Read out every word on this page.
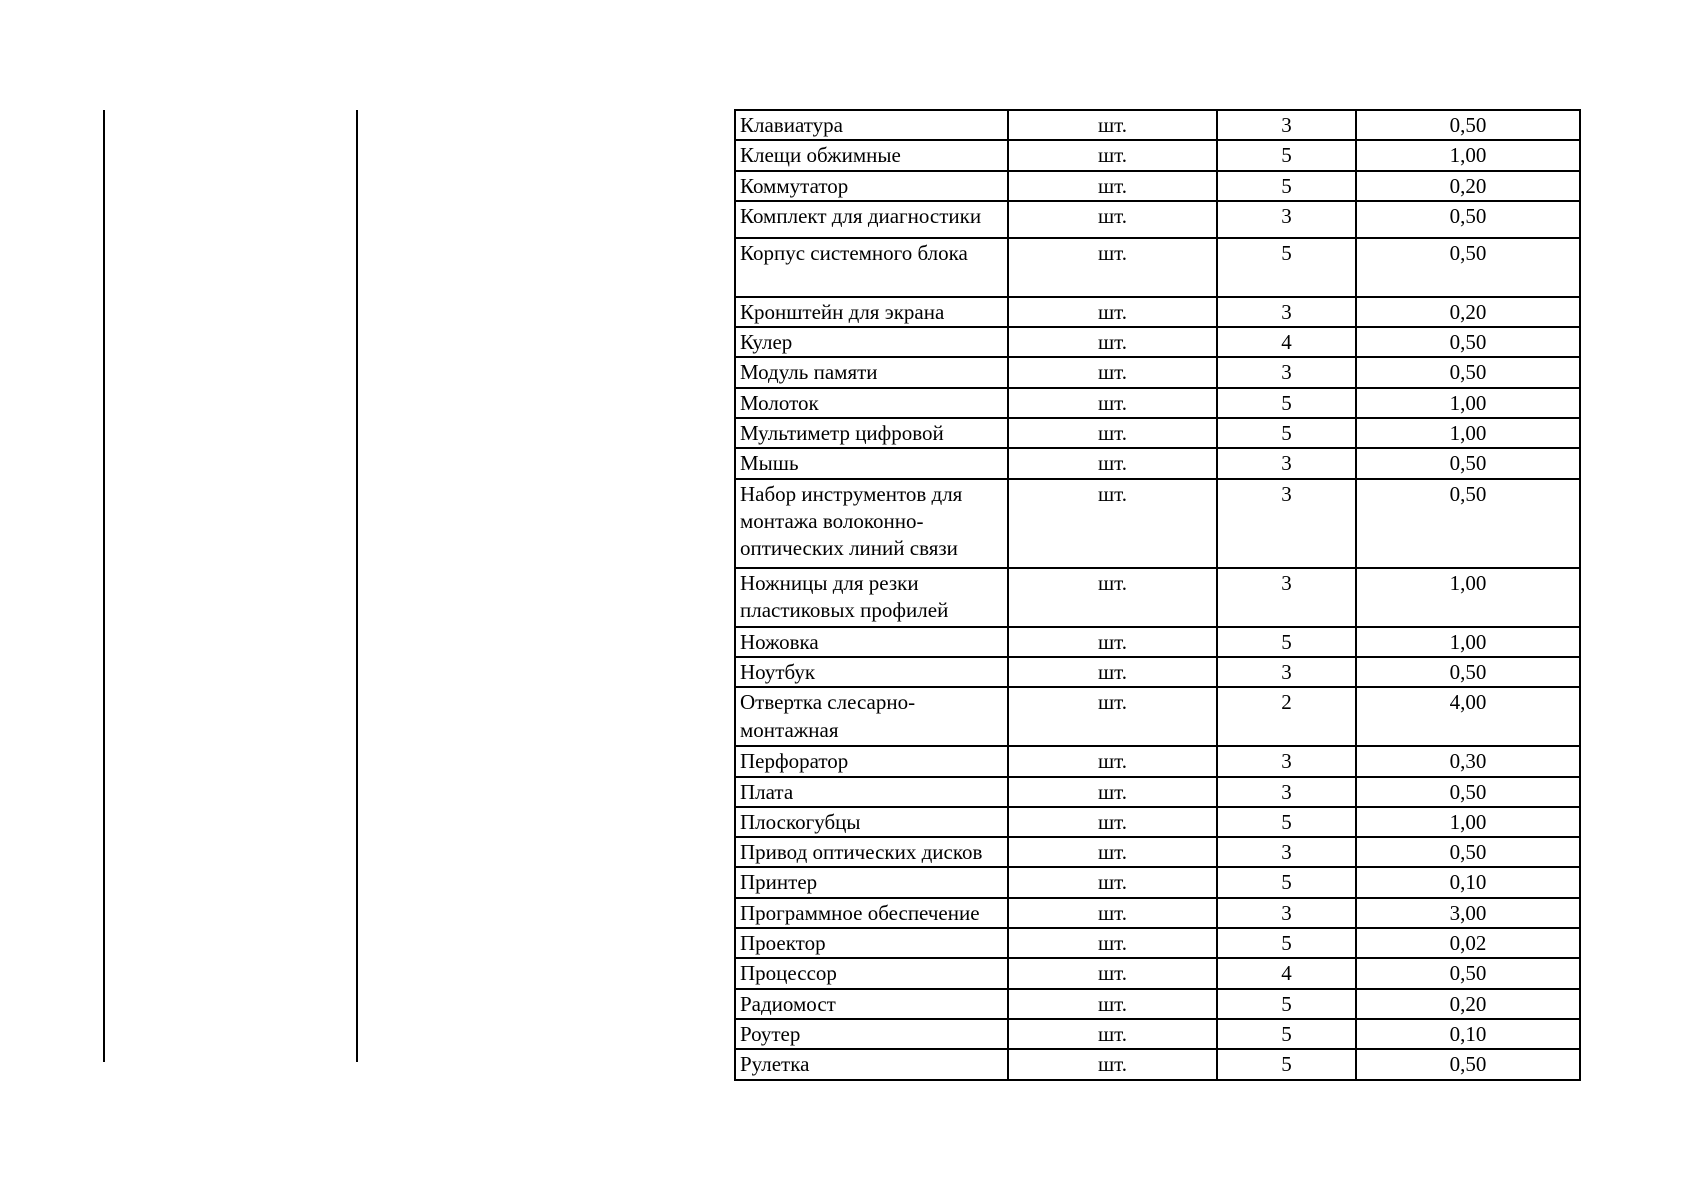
Клавиатура	шт.	3	0,50
Клещи обжимные	шт.	5	1,00
Коммутатор	шт.	5	0,20
Комплект для диагностики	шт.	3	0,50
Корпус системного блока	шт.	5	0,50
Кронштейн для экрана	шт.	3	0,20
Кулер	шт.	4	0,50
Модуль памяти	шт.	3	0,50
Молоток	шт.	5	1,00
Мультиметр цифровой	шт.	5	1,00
Мышь	шт.	3	0,50
Набор инструментов для монтажа волоконно-оптических линий связи	шт.	3	0,50
Ножницы для резки пластиковых профилей	шт.	3	1,00
Ножовка	шт.	5	1,00
Ноутбук	шт.	3	0,50
Отвертка слесарно-монтажная	шт.	2	4,00
Перфоратор	шт.	3	0,30
Плата	шт.	3	0,50
Плоскогубцы	шт.	5	1,00
Привод оптических дисков	шт.	3	0,50
Принтер	шт.	5	0,10
Программное обеспечение	шт.	3	3,00
Проектор	шт.	5	0,02
Процессор	шт.	4	0,50
Радиомост	шт.	5	0,20
Роутер	шт.	5	0,10
Рулетка	шт.	5	0,50
